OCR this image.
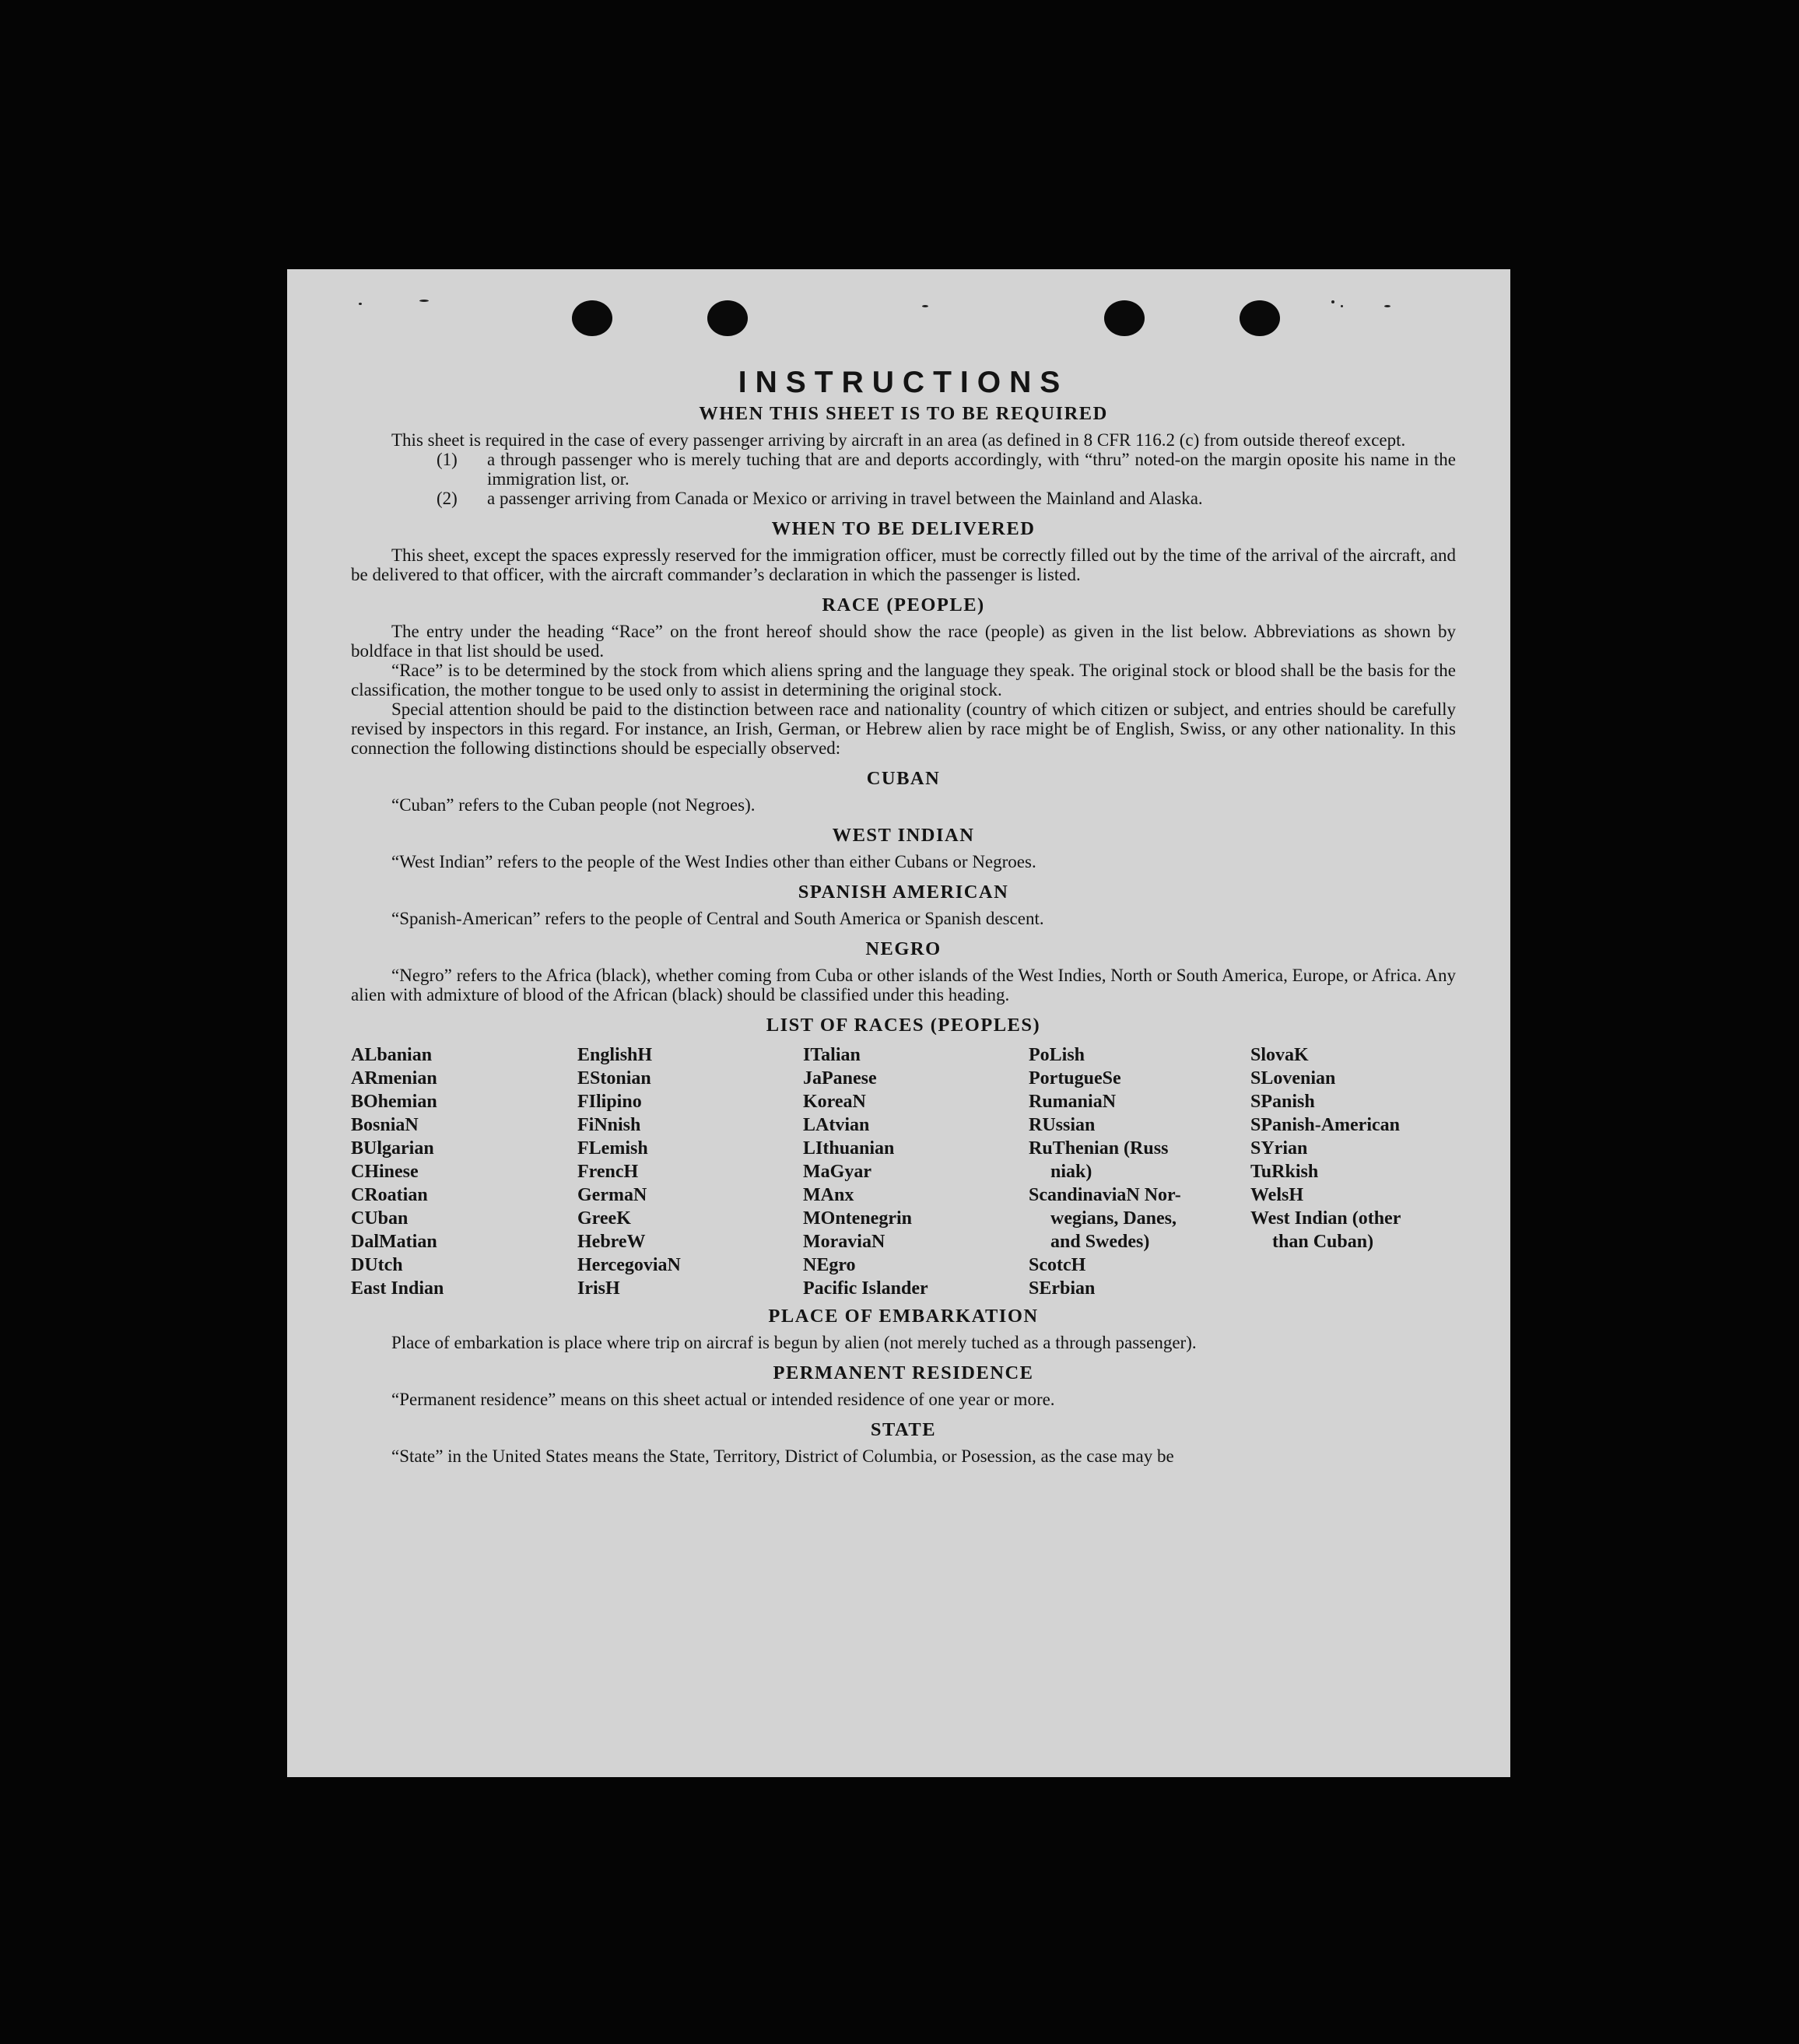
INSTRUCTIONS
WHEN THIS SHEET IS TO BE REQUIRED

This sheet is required in the case of every passenger arriving by aircraft in an area (as defined in 8 CFR 116.2 (c) from outside thereof except.

(1)	a through passenger who is merely tuching that are and deports accordingly, with “thru” noted-on the margin oposite his name in the immigration list, or.
(2)	a passenger arriving from Canada or Mexico or arriving in travel between the Mainland and Alaska.
WHEN TO BE DELIVERED

This sheet, except the spaces expressly reserved for the immigration officer, must be correctly filled out by the time of the arrival of the aircraft, and be delivered to that officer, with the aircraft commander’s declaration in which the passenger is listed.

RACE (PEOPLE)

The entry under the heading “Race” on the front hereof should show the race (people) as given in the list below. Abbreviations as shown by boldface in that list should be used.

“Race” is to be determined by the stock from which aliens spring and the language they speak. The original stock or blood shall be the basis for the classification, the mother tongue to be used only to assist in determining the original stock.

Special attention should be paid to the distinction between race and nationality (country of which citizen or subject, and entries should be carefully revised by inspectors in this regard. For instance, an Irish, German, or Hebrew alien by race might be of English, Swiss, or any other nationality. In this connection the following distinctions should be especially observed:

CUBAN

“Cuban” refers to the Cuban people (not Negroes).

WEST INDIAN

“West Indian” refers to the people of the West Indies other than either Cubans or Negroes.

SPANISH AMERICAN

“Spanish-American” refers to the people of Central and South America or Spanish descent.

NEGRO

“Negro” refers to the Africa (black), whether coming from Cuba or other islands of the West Indies, North or South America, Europe, or Africa. Any alien with admixture of blood of the African (black) should be classified under this heading.

LIST OF RACES (PEOPLES)
ALbanian
ARmenian
BOhemian
BosniaN
BUlgarian
CHinese
CRoatian
CUban
DalMatian
DUtch
East Indian
EnglishH
EStonian
FIlipino
FiNnish
FLemish
FrencH
GermaN
GreeK
HebreW
HercegoviaN
IrisH
ITalian
JaPanese
KoreaN
LAtvian
LIthuanian
MaGyar
MAnx
MOntenegrin
MoraviaN
NEgro
Pacific Islander
PoLish
PortugueSe
RumaniaN
RUssian
RuThenian (Russ
niak)
ScandinaviaN Nor-
wegians, Danes,
and Swedes)
ScotcH
SErbian
SlovaK
SLovenian
SPanish
SPanish-American
SYrian
TuRkish
WelsH
West Indian (other
than Cuban)
PLACE OF EMBARKATION

Place of embarkation is place where trip on aircraf is begun by alien (not merely tuched as a through passenger).

PERMANENT RESIDENCE

“Permanent residence” means on this sheet actual or intended residence of one year or more.

STATE

“State” in the United States means the State, Territory, District of Columbia, or Posession, as the case may be
